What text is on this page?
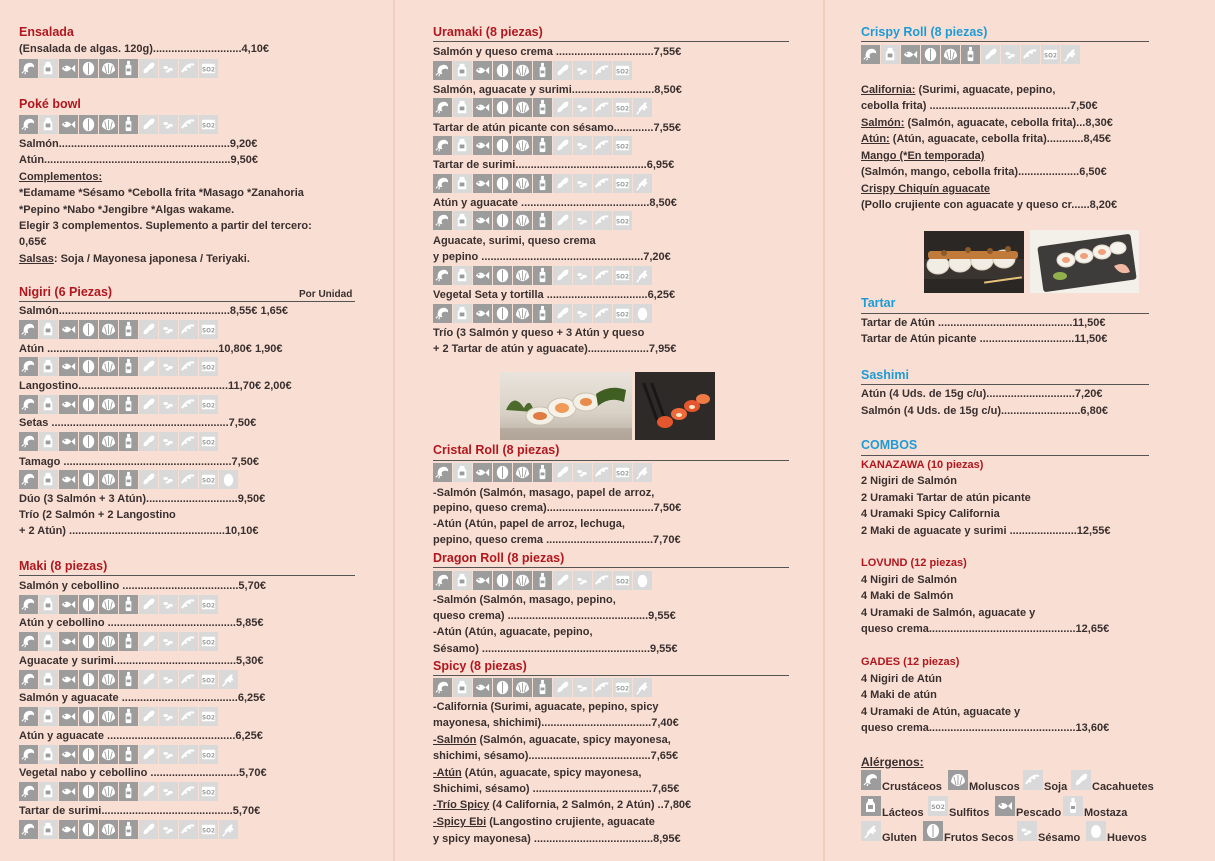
Ensalada
(Ensalada de algas. 120g).............................4,10€
SO2
Poké bowl
SO2
Salmón........................................................9,20€
Atún.............................................................9,50€
Complementos:
*Edamame *Sésamo *Cebolla frita *Masago *Zanahoria
*Pepino *Nabo *Jengibre *Algas wakame.
Elegir 3 complementos. Suplemento a partir del tercero:
0,65€
Salsas: Soja / Mayonesa japonesa / Teriyaki.
Nigiri (6 Piezas)	Por Unidad
Salmón........................................................8,55€ 1,65€
SO2
Atún ........................................................10,80€ 1,90€
SO2
Langostino.................................................11,70€ 2,00€
SO2
Setas ..........................................................7,50€
SO2
Tamago .......................................................7,50€
SO2
Dúo (3 Salmón + 3 Atún)..............................9,50€
Trío (2 Salmón + 2 Langostino
+ 2 Atún) ...................................................10,10€
Maki (8 piezas)
Salmón y cebollino ......................................5,70€
SO2
Atún y cebollino ..........................................5,85€
SO2
Aguacate y surimi........................................5,30€
SO2
Salmón y aguacate ......................................6,25€
SO2
Atún y aguacate ..........................................6,25€
SO2
Vegetal nabo y cebollino .............................5,70€
SO2
Tartar de surimi...........................................5,70€
SO2
Uramaki (8 piezas)
Salmón y queso crema ................................7,55€
SO2
Salmón, aguacate y surimi...........................8,50€
SO2
Tartar de atún picante con sésamo.............7,55€
SO2
Tartar de surimi...........................................6,95€
SO2
Atún y aguacate ..........................................8,50€
SO2
Aguacate, surimi, queso crema
y pepino .....................................................7,20€
SO2
Vegetal Seta y tortilla .................................6,25€
SO2
Trío (3 Salmón y queso + 3 Atún y queso
+ 2 Tartar de atún y aguacate)....................7,95€
Cristal Roll (8 piezas)
SO2
-Salmón (Salmón, masago, papel de arroz,
pepino, queso crema)...................................7,50€
-Atún (Atún, papel de arroz, lechuga,
pepino, queso crema ...................................7,70€
Dragon Roll (8 piezas)
SO2
-Salmón (Salmón, masago, pepino,
queso crema) ..............................................9,55€
-Atún (Atún, aguacate, pepino,
Sésamo) .......................................................9,55€
Spicy (8 piezas)
SO2
-California (Surimi, aguacate, pepino, spicy
mayonesa, shichimi)....................................7,40€
-Salmón (Salmón, aguacate, spicy mayonesa,
shichimi, sésamo)........................................7,65€
-Atún (Atún, aguacate, spicy mayonesa,
Shichimi, sésamo) .......................................7,65€
-Trío Spicy (4 California, 2 Salmón, 2 Atún) ..7,80€
-Spicy Ebi (Langostino crujiente, aguacate
y spicy mayonesa) .......................................8,95€
Crispy Roll (8 piezas)
SO2
California: (Surimi, aguacate, pepino,
cebolla frita) ..............................................7,50€
Salmón: (Salmón, aguacate, cebolla frita)...8,30€
Atún: (Atún, aguacate, cebolla frita)............8,45€
Mango (*En temporada)
(Salmón, mango, cebolla frita)....................6,50€
Crispy Chiquín aguacate
(Pollo crujiente con aguacate y queso cr......8,20€
Tartar
Tartar de Atún ............................................11,50€
Tartar de Atún picante ...............................11,50€
Sashimi
Atún (4 Uds. de 15g c/u).............................7,20€
Salmón (4 Uds. de 15g c/u)..........................6,80€
COMBOS
KANAZAWA (10 piezas)
2 Nigiri de Salmón
2 Uramaki Tartar de atún picante
4 Uramaki Spicy California
2 Maki de aguacate y surimi ......................12,55€
LOVUND (12 piezas)
4 Nigiri de Salmón
4 Maki de Salmón
4 Uramaki de Salmón, aguacate y
queso crema................................................12,65€
GADES (12 piezas)
4 Nigiri de Atún
4 Maki de atún
4 Uramaki de Atún, aguacate y
queso crema................................................13,60€
Alérgenos:
Crustáceos Moluscos Soja Cacahuetes
Lácteos SO2 Sulfitos Pescado Mostaza
Gluten Frutos Secos Sésamo Huevos
